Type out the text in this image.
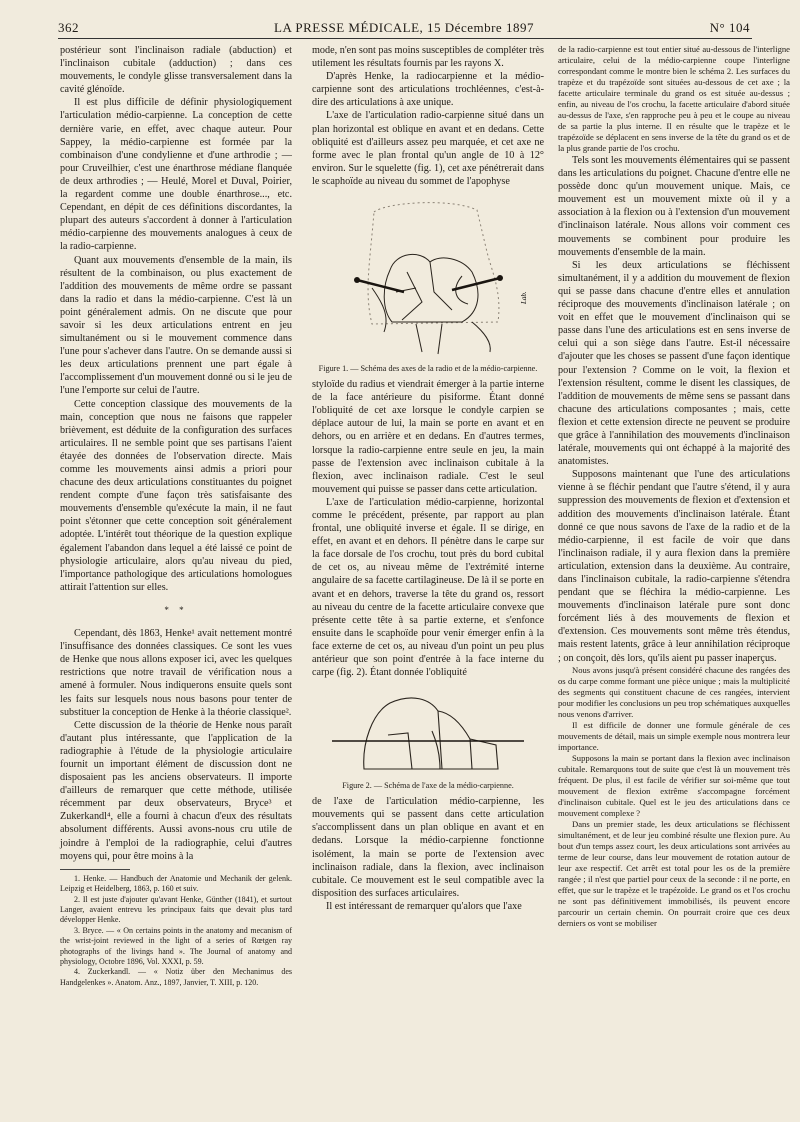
362	LA PRESSE MÉDICALE, 15 Décembre 1897	N° 104

postérieur sont l'inclinaison radiale (abduction) et l'inclinaison cubitale (adduction) ; dans ces mouvements, le condyle glisse transversalement dans la cavité glénoïde.

Il est plus difficile de définir physiologiquement l'articulation médio-carpienne. La conception de cette dernière varie, en effet, avec chaque auteur. Pour Sappey, la médio-carpienne est formée par la combinaison d'une condylienne et d'une arthrodie ; — pour Cruveilhier, c'est une énarthrose médiane flanquée de deux arthrodies ; — Heulé, Morel et Duval, Poirier, la regardent comme une double énarthrose..., etc. Cependant, en dépit de ces définitions discordantes, la plupart des auteurs s'accordent à donner à l'articulation médio-carpienne des mouvements analogues à ceux de la radio-carpienne.

Quant aux mouvements d'ensemble de la main, ils résultent de la combinaison, ou plus exactement de l'addition des mouvements de même ordre se passant dans la radio et dans la médio-carpienne. C'est là un point généralement admis. On ne discute que pour savoir si les deux articulations entrent en jeu simultanément ou si le mouvement commence dans l'une pour s'achever dans l'autre. On se demande aussi si les deux articulations prennent une part égale à l'accomplissement d'un mouvement donné ou si le jeu de l'une l'emporte sur celui de l'autre.

Cette conception classique des mouvements de la main, conception que nous ne faisons que rappeler brièvement, est déduite de la configuration des surfaces articulaires. Il ne semble point que ses partisans l'aient étayée des données de l'observation directe. Mais comme les mouvements ainsi admis a priori pour chacune des deux articulations constituantes du poignet rendent compte d'une façon très satisfaisante des mouvements d'ensemble qu'exécute la main, il ne faut point s'étonner que cette conception soit généralement adoptée. L'intérêt tout théorique de la question explique également l'abandon dans lequel a été laissé ce point de physiologie articulaire, alors qu'au niveau du pied, l'importance pathologique des articulations homologues attirait l'attention sur elles.

* *

Cependant, dès 1863, Henke¹ avait nettement montré l'insuffisance des données classiques. Ce sont les vues de Henke que nous allons exposer ici, avec les quelques restrictions que notre travail de vérification nous a amené à formuler. Nous indiquerons ensuite quels sont les faits sur lesquels nous nous basons pour tenter de substituer la conception de Henke à la théorie classique².

Cette discussion de la théorie de Henke nous paraît d'autant plus intéressante, que l'application de la radiographie à l'étude de la physiologie articulaire fournit un important élément de discussion dont ne disposaient pas les anciens observateurs. Il importe d'ailleurs de remarquer que cette méthode, utilisée récemment par deux observateurs, Bryce³ et Zukerkandl⁴, elle a fourni à chacun d'eux des résultats absolument différents. Aussi avons-nous cru utile de joindre à l'emploi de la radiographie, celui d'autres moyens qui, pour être moins à la

1. Henke. — Handbuch der Anatomie und Mechanik der gelenk. Leipzig et Heidelberg, 1863, p. 160 et suiv.

2. Il est juste d'ajouter qu'avant Henke, Günther (1841), et surtout Langer, avaient entrevu les principaux faits que devait plus tard développer Henke.

3. Bryce. — « On certains points in the anatomy and mecanism of the wrist-joint reviewed in the light of a series of Rœtgen ray photographs of the livings hand ». The Journal of anatomy and physiology, Octobre 1896, Vol. XXXI, p. 59.

4. Zuckerkandl. — « Notiz über den Mechanimus des Handgelenkes ». Anatom. Anz., 1897, Janvier, T. XIII, p. 120.

mode, n'en sont pas moins susceptibles de compléter très utilement les résultats fournis par les rayons X.

D'après Henke, la radiocarpienne et la médio-carpienne sont des articulations trochléennes, c'est-à-dire des articulations à axe unique.

L'axe de l'articulation radio-carpienne situé dans un plan horizontal est oblique en avant et en dedans. Cette obliquité est d'ailleurs assez peu marquée, et cet axe ne forme avec le plan frontal qu'un angle de 10 à 12° environ. Sur le squelette (fig. 1), cet axe pénétrerait dans le scaphoïde au niveau du sommet de l'apophyse

Lab.
Figure 1. — Schéma des axes de la radio et de la médio-carpienne.

styloïde du radius et viendrait émerger à la partie interne de la face antérieure du pisiforme. Étant donné l'obliquité de cet axe lorsque le condyle carpien se déplace autour de lui, la main se porte en avant et en dehors, ou en arrière et en dedans. En d'autres termes, lorsque la radio-carpienne entre seule en jeu, la main passe de l'extension avec inclinaison cubitale à la flexion, avec inclinaison radiale. C'est le seul mouvement qui puisse se passer dans cette articulation.

L'axe de l'articulation médio-carpienne, horizontal comme le précédent, présente, par rapport au plan frontal, une obliquité inverse et égale. Il se dirige, en effet, en avant et en dehors. Il pénètre dans le carpe sur la face dorsale de l'os crochu, tout près du bord cubital de cet os, au niveau même de l'extrémité interne angulaire de sa facette cartilagineuse. De là il se porte en avant et en dehors, traverse la tête du grand os, ressort au niveau du centre de la facette articulaire convexe que présente cette tête à sa partie externe, et s'enfonce ensuite dans le scaphoïde pour venir émerger enfin à la face externe de cet os, au niveau d'un point un peu plus antérieur que son point d'entrée à la face interne du carpe (fig. 2). Étant donnée l'obliquité

Figure 2. — Schéma de l'axe de la médio-carpienne.

de l'axe de l'articulation médio-carpienne, les mouvements qui se passent dans cette articulation s'accomplissent dans un plan oblique en avant et en dedans. Lorsque la médio-carpienne fonctionne isolément, la main se porte de l'extension avec inclinaison radiale, dans la flexion, avec inclinaison cubitale. Ce mouvement est le seul compatible avec la disposition des surfaces articulaires.

Il est intéressant de remarquer qu'alors que l'axe

de la radio-carpienne est tout entier situé au-dessous de l'interligne articulaire, celui de la médio-carpienne coupe l'interligne correspondant comme le montre bien le schéma 2. Les surfaces du trapèze et du trapézoïde sont situées au-dessous de cet axe ; la facette articulaire terminale du grand os est située au-dessus ; enfin, au niveau de l'os crochu, la facette articulaire d'abord située au-dessus de l'axe, s'en rapproche peu à peu et le coupe au niveau de sa partie la plus interne. Il en résulte que le trapèze et le trapézoïde se déplacent en sens inverse de la tête du grand os et de la plus grande partie de l'os crochu.

Tels sont les mouvements élémentaires qui se passent dans les articulations du poignet. Chacune d'entre elle ne possède donc qu'un mouvement unique. Mais, ce mouvement est un mouvement mixte où il y a association à la flexion ou à l'extension d'un mouvement d'inclinaison latérale. Nous allons voir comment ces mouvements se combinent pour produire les mouvements d'ensemble de la main.

Si les deux articulations se fléchissent simultanément, il y a addition du mouvement de flexion qui se passe dans chacune d'entre elles et annulation réciproque des mouvements d'inclinaison latérale ; on voit en effet que le mouvement d'inclinaison qui se passe dans l'une des articulations est en sens inverse de celui qui a son siège dans l'autre. Est-il nécessaire d'ajouter que les choses se passent d'une façon identique pour l'extension ? Comme on le voit, la flexion et l'extension résultent, comme le disent les classiques, de l'addition de mouvements de même sens se passant dans chacune des articulations composantes ; mais, cette flexion et cette extension directe ne peuvent se produire que grâce à l'annihilation des mouvements d'inclinaison latérale, mouvements qui ont échappé à la majorité des anatomistes.

Supposons maintenant que l'une des articulations vienne à se fléchir pendant que l'autre s'étend, il y aura suppression des mouvements de flexion et d'extension et addition des mouvements d'inclinaison latérale. Étant donné ce que nous savons de l'axe de la radio et de la médio-carpienne, il est facile de voir que dans l'inclinaison radiale, il y aura flexion dans la première articulation, extension dans la deuxième. Au contraire, dans l'inclinaison cubitale, la radio-carpienne s'étendra pendant que se fléchira la médio-carpienne. Les mouvements d'inclinaison latérale pure sont donc forcément liés à des mouvements de flexion et d'extension. Ces mouvements sont même très étendus, mais restent latents, grâce à leur annihilation réciproque ; on conçoit, dès lors, qu'ils aient pu passer inaperçus.

Nous avons jusqu'à présent considéré chacune des rangées des os du carpe comme formant une pièce unique ; mais la multiplicité des segments qui constituent chacune de ces rangées, intervient pour modifier les conclusions un peu trop schématiques auxquelles nous venons d'arriver.

Il est difficile de donner une formule générale de ces mouvements de détail, mais un simple exemple nous montrera leur importance.

Supposons la main se portant dans la flexion avec inclinaison cubitale. Remarquons tout de suite que c'est là un mouvement très fréquent. De plus, il est facile de vérifier sur soi-même que tout mouvement de flexion extrême s'accompagne forcément d'inclinaison cubitale. Quel est le jeu des articulations dans ce mouvement complexe ?

Dans un premier stade, les deux articulations se fléchissent simultanément, et de leur jeu combiné résulte une flexion pure. Au bout d'un temps assez court, les deux articulations sont arrivées au terme de leur course, dans leur mouvement de rotation autour de leur axe respectif. Cet arrêt est total pour les os de la première rangée ; il n'est que partiel pour ceux de la seconde : il ne porte, en effet, que sur le trapèze et le trapézoïde. Le grand os et l'os crochu ne sont pas définitivement immobilisés, ils peuvent encore parcourir un certain chemin. On pourrait croire que ces deux derniers os vont se mobiliser
